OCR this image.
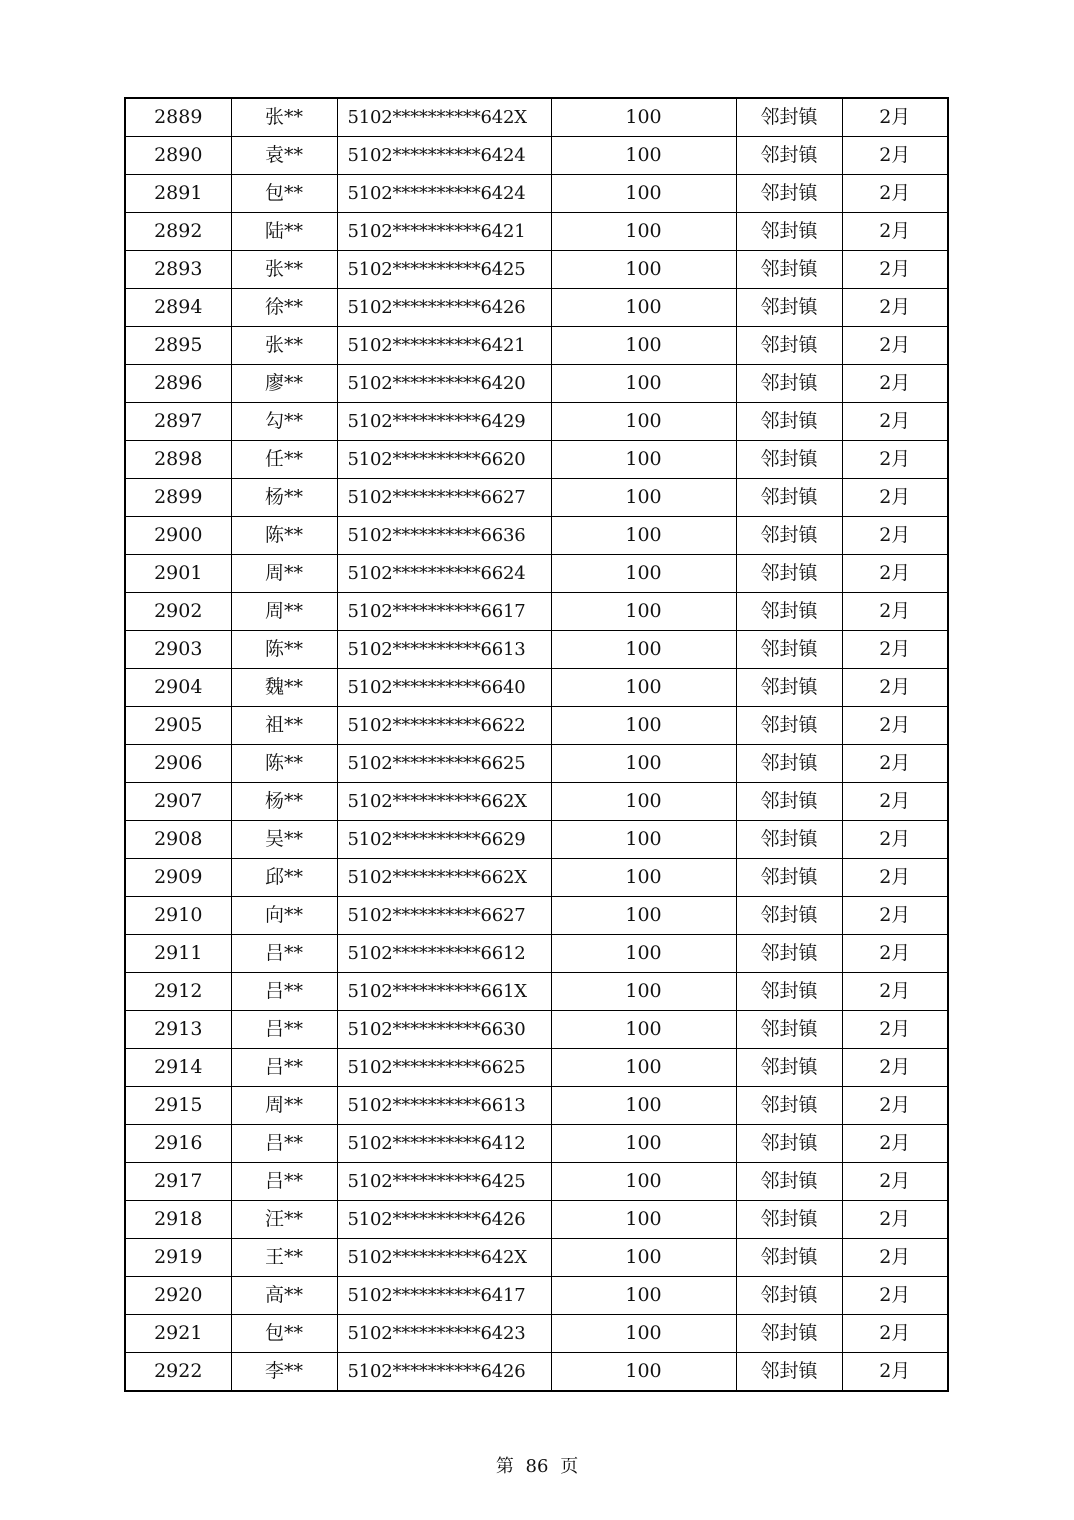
2889	张**	5102**********642X	100	邻封镇	2月
2890	袁**	5102**********6424	100	邻封镇	2月
2891	包**	5102**********6424	100	邻封镇	2月
2892	陆**	5102**********6421	100	邻封镇	2月
2893	张**	5102**********6425	100	邻封镇	2月
2894	徐**	5102**********6426	100	邻封镇	2月
2895	张**	5102**********6421	100	邻封镇	2月
2896	廖**	5102**********6420	100	邻封镇	2月
2897	勾**	5102**********6429	100	邻封镇	2月
2898	任**	5102**********6620	100	邻封镇	2月
2899	杨**	5102**********6627	100	邻封镇	2月
2900	陈**	5102**********6636	100	邻封镇	2月
2901	周**	5102**********6624	100	邻封镇	2月
2902	周**	5102**********6617	100	邻封镇	2月
2903	陈**	5102**********6613	100	邻封镇	2月
2904	魏**	5102**********6640	100	邻封镇	2月
2905	祖**	5102**********6622	100	邻封镇	2月
2906	陈**	5102**********6625	100	邻封镇	2月
2907	杨**	5102**********662X	100	邻封镇	2月
2908	吴**	5102**********6629	100	邻封镇	2月
2909	邱**	5102**********662X	100	邻封镇	2月
2910	向**	5102**********6627	100	邻封镇	2月
2911	吕**	5102**********6612	100	邻封镇	2月
2912	吕**	5102**********661X	100	邻封镇	2月
2913	吕**	5102**********6630	100	邻封镇	2月
2914	吕**	5102**********6625	100	邻封镇	2月
2915	周**	5102**********6613	100	邻封镇	2月
2916	吕**	5102**********6412	100	邻封镇	2月
2917	吕**	5102**********6425	100	邻封镇	2月
2918	汪**	5102**********6426	100	邻封镇	2月
2919	王**	5102**********642X	100	邻封镇	2月
2920	高**	5102**********6417	100	邻封镇	2月
2921	包**	5102**********6423	100	邻封镇	2月
2922	李**	5102**********6426	100	邻封镇	2月
第 86 页
